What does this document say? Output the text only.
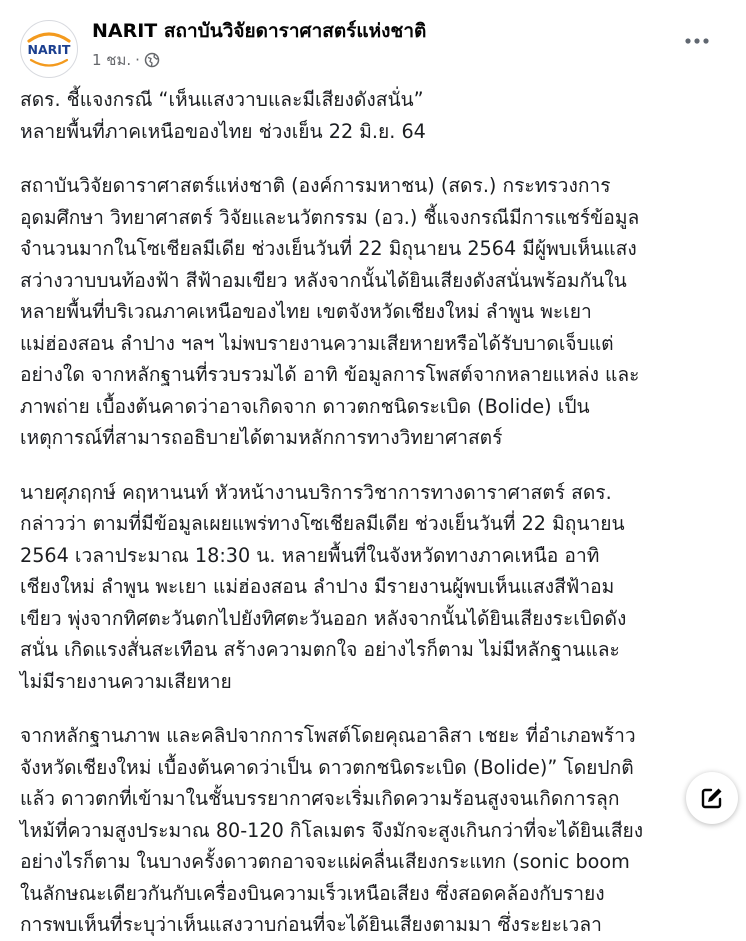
NARIT
NARIT สถาบันวิจัยดาราศาสตร์แห่งชาติ
1 ชม. ·
สดร. ชี้แจงกรณี “เห็นแสงวาบและมีเสียงดังสนั่น”
หลายพื้นที่ภาคเหนือของไทย ช่วงเย็น 22 มิ.ย. 64
สถาบันวิจัยดาราศาสตร์แห่งชาติ (องค์การมหาชน) (สดร.) กระทรวงการ
อุดมศึกษา วิทยาศาสตร์ วิจัยและนวัตกรรม (อว.) ชี้แจงกรณีมีการแชร์ข้อมูล
จำนวนมากในโซเชียลมีเดีย ช่วงเย็นวันที่ 22 มิถุนายน 2564 มีผู้พบเห็นแสง
สว่างวาบบนท้องฟ้า สีฟ้าอมเขียว หลังจากนั้นได้ยินเสียงดังสนั่นพร้อมกันใน
หลายพื้นที่บริเวณภาคเหนือของไทย เขตจังหวัดเชียงใหม่ ลำพูน พะเยา
แม่ฮ่องสอน ลำปาง ฯลฯ ไม่พบรายงานความเสียหายหรือได้รับบาดเจ็บแต่
อย่างใด จากหลักฐานที่รวบรวมได้ อาทิ ข้อมูลการโพสต์จากหลายแหล่ง และ
ภาพถ่าย เบื้องต้นคาดว่าอาจเกิดจาก ดาวตกชนิดระเบิด (Bolide) เป็น
เหตุการณ์ที่สามารถอธิบายได้ตามหลักการทางวิทยาศาสตร์
นายศุภฤกษ์ คฤหานนท์ หัวหน้างานบริการวิชาการทางดาราศาสตร์ สดร.
กล่าวว่า ตามที่มีข้อมูลเผยแพร่ทางโซเชียลมีเดีย ช่วงเย็นวันที่ 22 มิถุนายน
2564 เวลาประมาณ 18:30 น. หลายพื้นที่ในจังหวัดทางภาคเหนือ อาทิ
เชียงใหม่ ลำพูน พะเยา แม่ฮ่องสอน ลำปาง มีรายงานผู้พบเห็นแสงสีฟ้าอม
เขียว พุ่งจากทิศตะวันตกไปยังทิศตะวันออก หลังจากนั้นได้ยินเสียงระเบิดดัง
สนั่น เกิดแรงสั่นสะเทือน สร้างความตกใจ อย่างไรก็ตาม ไม่มีหลักฐานและ
ไม่มีรายงานความเสียหาย
จากหลักฐานภาพ และคลิปจากการโพสต์โดยคุณอาลิสา เชยะ ที่อำเภอพร้าว
จังหวัดเชียงใหม่ เบื้องต้นคาดว่าเป็น ดาวตกชนิดระเบิด (Bolide)” โดยปกติ
แล้ว ดาวตกที่เข้ามาในชั้นบรรยากาศจะเริ่มเกิดความร้อนสูงจนเกิดการลุก
ไหม้ที่ความสูงประมาณ 80-120 กิโลเมตร จึงมักจะสูงเกินกว่าที่จะได้ยินเสียง
อย่างไรก็ตาม ในบางครั้งดาวตกอาจจะแผ่คลื่นเสียงกระแทก (sonic boom
ในลักษณะเดียวกันกับเครื่องบินความเร็วเหนือเสียง ซึ่งสอดคล้องกับรายง
การพบเห็นที่ระบุว่าเห็นแสงวาบก่อนที่จะได้ยินเสียงตามมา ซึ่งระยะเวลา
